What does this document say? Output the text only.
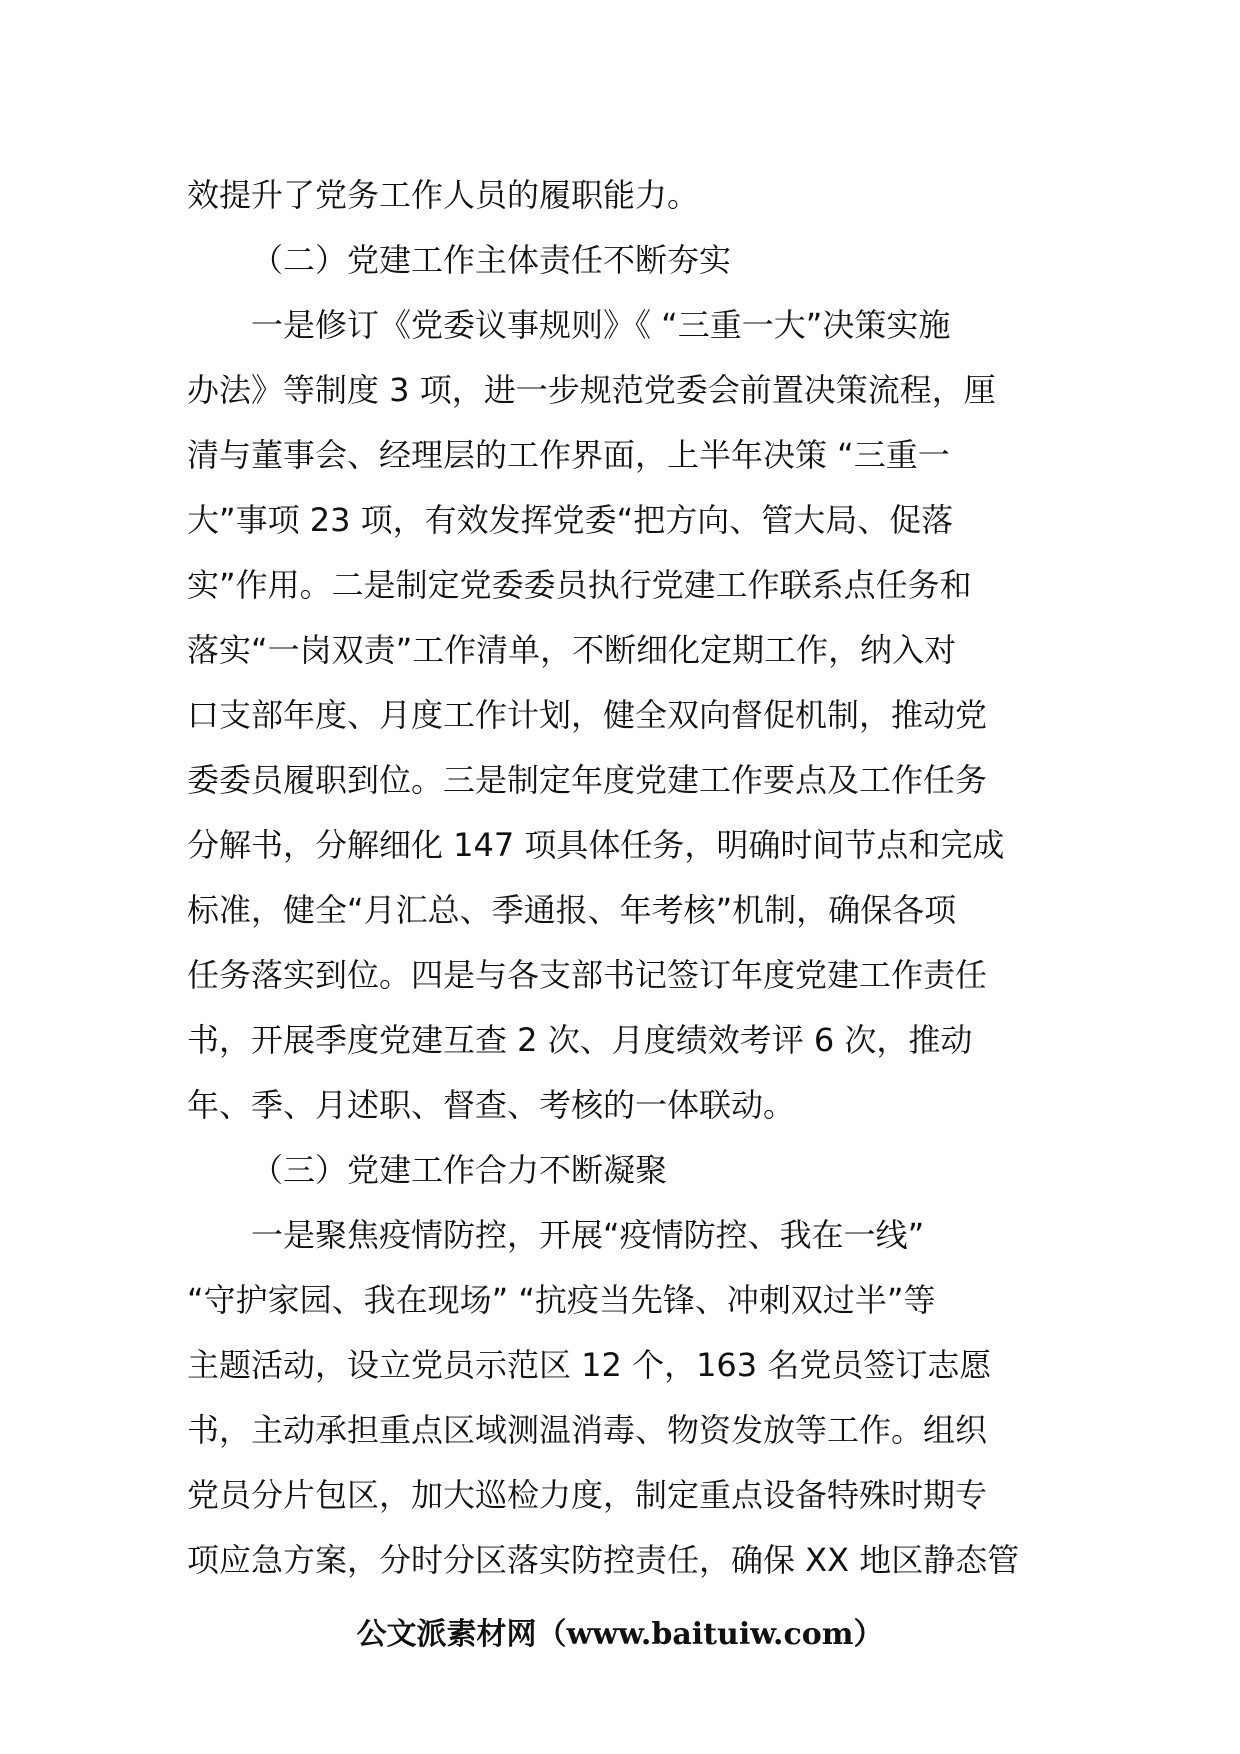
效提升了党务工作人员的履职能力。
（二）党建工作主体责任不断夯实
一是修订《党委议事规则》《 “三重一大”决策实施
办法》等制度 3 项，进一步规范党委会前置决策流程，厘
清与董事会、经理层的工作界面，上半年决策 “三重一
大”事项 23 项，有效发挥党委“把方向、管大局、促落
实”作用。二是制定党委委员执行党建工作联系点任务和
落实“一岗双责”工作清单，不断细化定期工作，纳入对
口支部年度、月度工作计划，健全双向督促机制，推动党
委委员履职到位。三是制定年度党建工作要点及工作任务
分解书，分解细化 147 项具体任务，明确时间节点和完成
标准，健全“月汇总、季通报、年考核”机制，确保各项
任务落实到位。四是与各支部书记签订年度党建工作责任
书，开展季度党建互查 2 次、月度绩效考评 6 次，推动
年、季、月述职、督查、考核的一体联动。
（三）党建工作合力不断凝聚
一是聚焦疫情防控，开展“疫情防控、我在一线”
“守护家园、我在现场” “抗疫当先锋、冲刺双过半”等
主题活动，设立党员示范区 12 个，163 名党员签订志愿
书，主动承担重点区域测温消毒、物资发放等工作。组织
党员分片包区，加大巡检力度，制定重点设备特殊时期专
项应急方案，分时分区落实防控责任，确保 XX 地区静态管
公文派素材网（www.baituiw.com）
